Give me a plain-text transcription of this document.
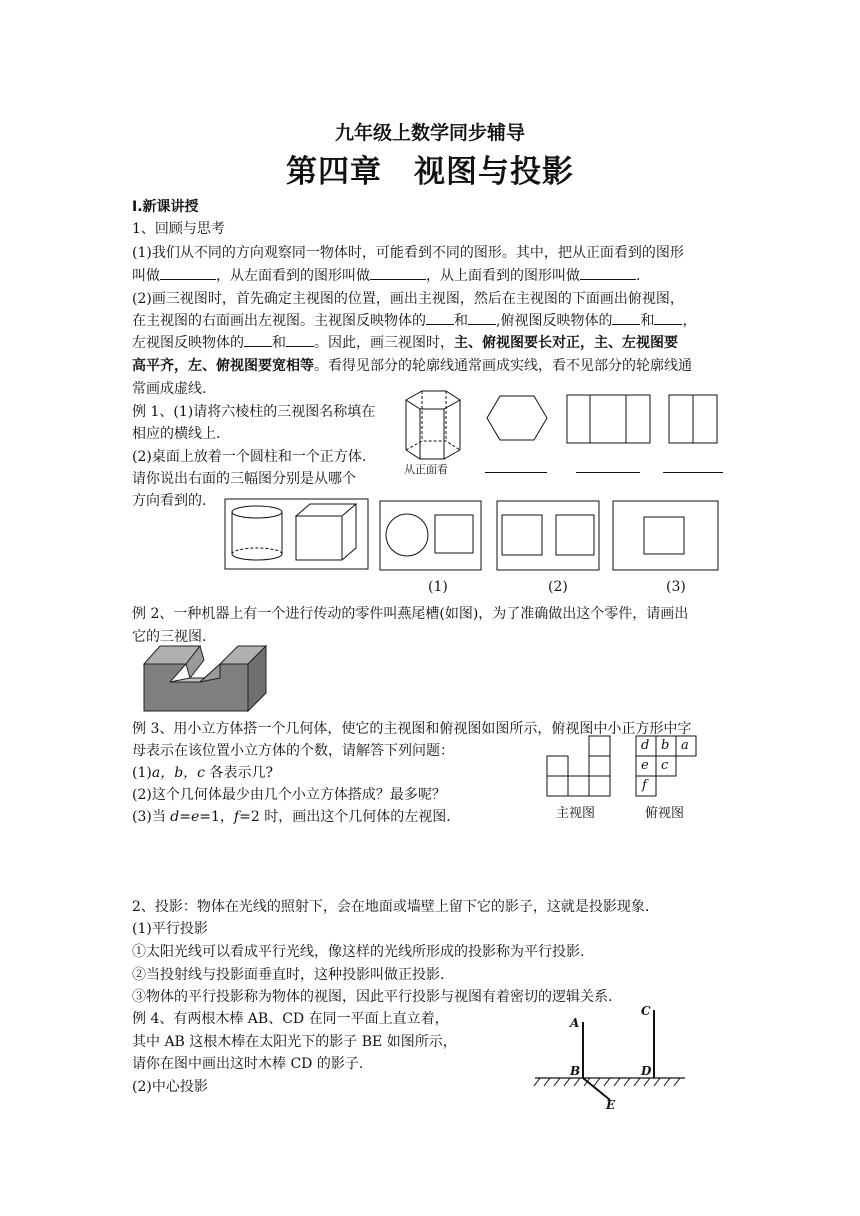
九年级上数学同步辅导
第四章　视图与投影
Ⅰ.新课讲授
1、回顾与思考
(1)我们从不同的方向观察同一物体时，可能看到不同的图形。其中，把从正面看到的图形
叫做	，从左面看到的图形叫做	，从上面看到的图形叫做	.
(2)画三视图时，首先确定主视图的位置，画出主视图，然后在主视图的下面画出俯视图，
在主视图的右面画出左视图。主视图反映物体的 和 ,俯视图反映物体的 和 ，
左视图反映物体的 和 。因此，画三视图时，主、俯视图要长对正，主、左视图要
高平齐，左、俯视图要宽相等。看得见部分的轮廓线通常画成实线，看不见部分的轮廓线通
常画成虚线.
例 1、(1)请将六棱柱的三视图名称填在
相应的横线上.
(2)桌面上放着一个圆柱和一个正方体.
请你说出右面的三幅图分别是从哪个
方向看到的.
从正面看
(1)	(2)	(3)
例 2、一种机器上有一个进行传动的零件叫燕尾槽(如图)，为了准确做出这个零件，请画出
它的三视图.
例 3、用小立方体搭一个几何体，使它的主视图和俯视图如图所示，俯视图中小正方形中字
母表示在该位置小立方体的个数，请解答下列问题：
(1)a，b，c 各表示几?
(2)这个几何体最少由几个小立方体搭成？最多呢？
(3)当 d=e=1，f=2 时，画出这个几何体的左视图.	主视图
d b a
e c
f
俯视图
2、投影：物体在光线的照射下，会在地面或墙壁上留下它的影子，这就是投影现象.
(1)平行投影
①太阳光线可以看成平行光线，像这样的光线所形成的投影称为平行投影.
②当投射线与投影面垂直时，这种投影叫做正投影.
③物体的平行投影称为物体的视图，因此平行投影与视图有着密切的逻辑关系.
例 4、有两根木棒 AB、CD 在同一平面上直立着，
其中 AB 这根木棒在太阳光下的影子 BE 如图所示，
请你在图中画出这时木棒 CD 的影子.
(2)中心投影
A
B
C
D
E
